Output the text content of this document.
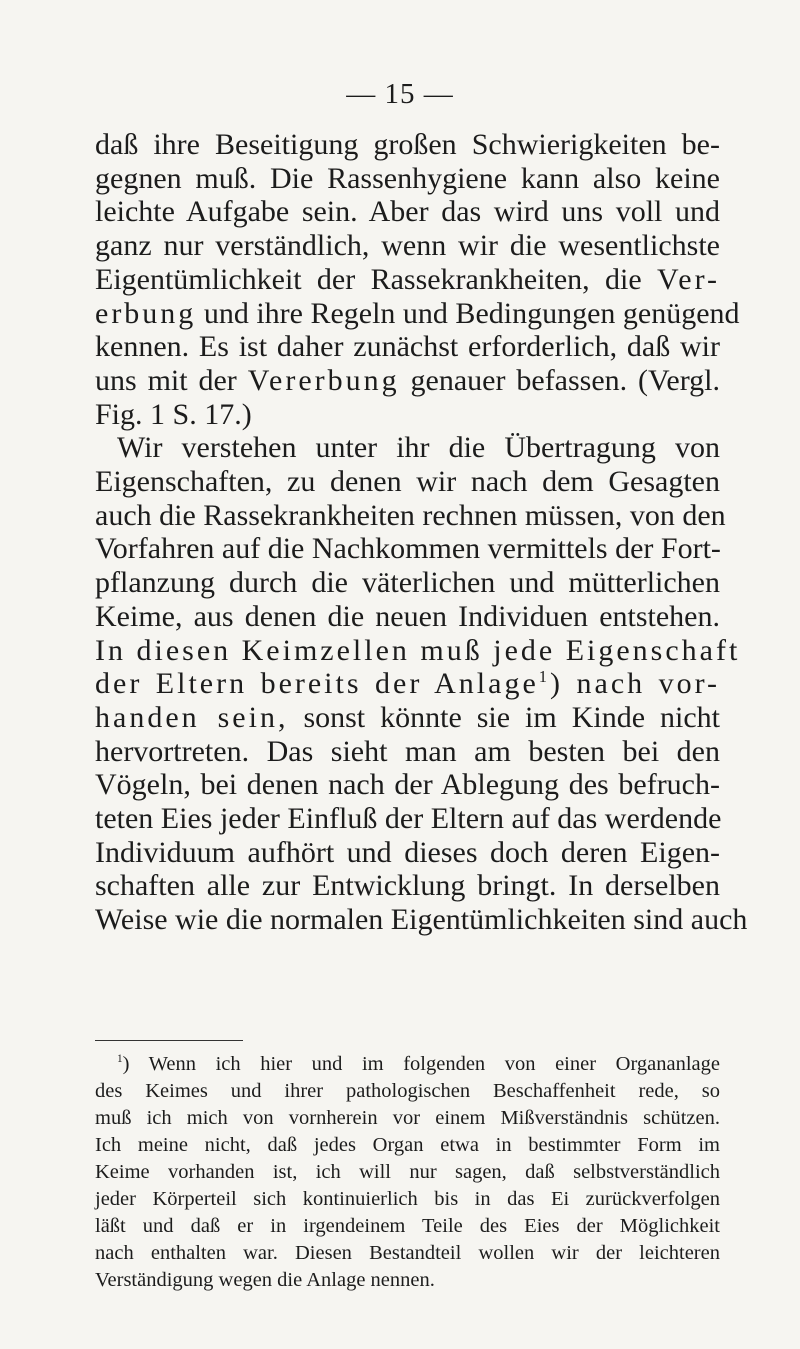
— 15 —
daß ihre Beseitigung großen Schwierigkeiten be-
gegnen muß. Die Rassenhygiene kann also keine
leichte Aufgabe sein. Aber das wird uns voll und
ganz nur verständlich, wenn wir die wesentlichste
Eigentümlichkeit der Rassekrankheiten, die Ver-
erbung und ihre Regeln und Bedingungen genügend
kennen. Es ist daher zunächst erforderlich, daß wir
uns mit der Vererbung genauer befassen. (Vergl.
Fig. 1 S. 17.)
Wir verstehen unter ihr die Übertragung von
Eigenschaften, zu denen wir nach dem Gesagten
auch die Rassekrankheiten rechnen müssen, von den
Vorfahren auf die Nachkommen vermittels der Fort-
pflanzung durch die väterlichen und mütterlichen
Keime, aus denen die neuen Individuen entstehen.
In diesen Keimzellen muß jede Eigenschaft
der Eltern bereits der Anlage$^1$) nach vor-
handen sein, sonst könnte sie im Kinde nicht
hervortreten. Das sieht man am besten bei den
Vögeln, bei denen nach der Ablegung des befruch-
teten Eies jeder Einfluß der Eltern auf das werdende
Individuum aufhört und dieses doch deren Eigen-
schaften alle zur Entwicklung bringt. In derselben
Weise wie die normalen Eigentümlichkeiten sind auch
$^1$) Wenn ich hier und im folgenden von einer Organanlage
des Keimes und ihrer pathologischen Beschaffenheit rede, so
muß ich mich von vornherein vor einem Mißverständnis schützen.
Ich meine nicht, daß jedes Organ etwa in bestimmter Form im
Keime vorhanden ist, ich will nur sagen, daß selbstverständlich
jeder Körperteil sich kontinuierlich bis in das Ei zurückverfolgen
läßt und daß er in irgendeinem Teile des Eies der Möglichkeit
nach enthalten war. Diesen Bestandteil wollen wir der leichteren
Verständigung wegen die Anlage nennen.
